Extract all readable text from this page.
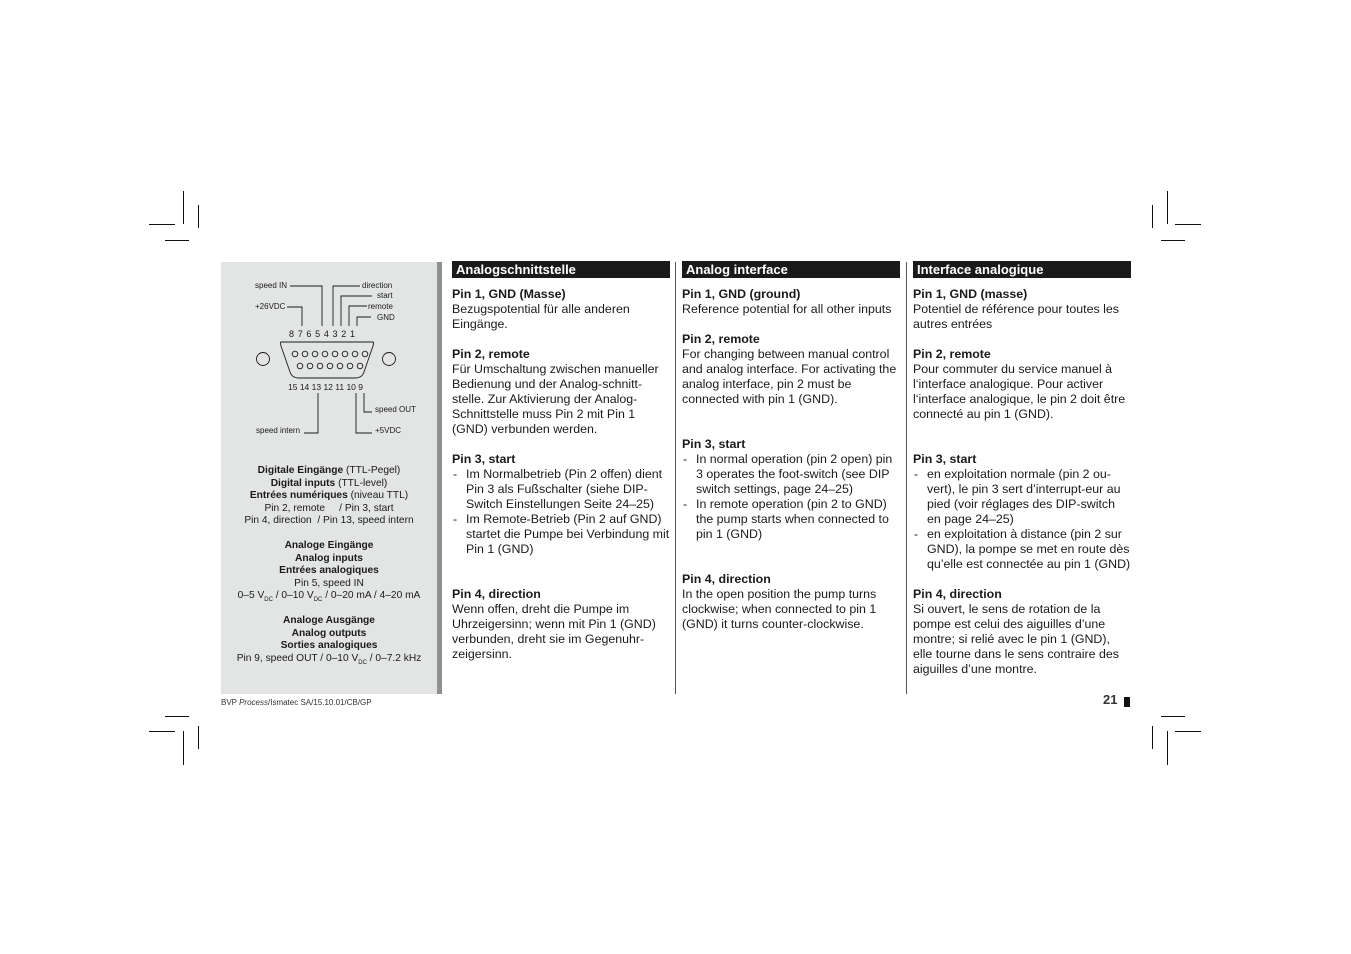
speed IN	direction
start
remote
GND
+26VDC
8 7 6 5 4 3 2 1
15 14 13 12 11 10 9
speed OUT
speed intern	+5VDC
Digitale Eingänge (TTL-Pegel)
Digital inputs (TTL-level)
Entrées numériques (niveau TTL)
Pin 2, remote     / Pin 3, start
Pin 4, direction  / Pin 13, speed intern
Analoge Eingänge
Analog inputs
Entrées analogiques
Pin 5, speed IN
0–5 $V_{DC} / 0-10$ $V_{DC} / 0-20$ mA / 4–20 mA
Analoge Ausgänge
Analog outputs
Sorties analogiques
Pin 9, speed OUT / 0–10 $V_{DC} / 0-7.2$ kHz
Analogschnittstelle
Pin 1, GND (Masse)
Bezugspotential für alle anderen Eingänge.
Pin 2, remote
Für Umschaltung zwischen manueller Bedienung und der Analog-schnitt-stelle. Zur Aktivierung der Analog-Schnittstelle muss Pin 2 mit Pin 1 (GND) verbunden werden.
Pin 3, start
- Im Normalbetrieb (Pin 2 offen) dient Pin 3 als Fußschalter (siehe DIP-Switch Einstellungen Seite 24–25)
- Im Remote-Betrieb (Pin 2 auf GND) startet die Pumpe bei Verbindung mit Pin 1 (GND)
Pin 4, direction
Wenn offen, dreht die Pumpe im Uhrzeigersinn; wenn mit Pin 1 (GND) verbunden, dreht sie im Gegenuhr-zeigersinn.
Analog interface
Pin 1, GND (ground)
Reference potential for all other inputs
Pin 2, remote
For changing between manual control and analog interface. For activating the analog interface, pin 2 must be connected with pin 1 (GND).
Pin 3, start
- In normal operation (pin 2 open) pin 3 operates the foot-switch (see DIP switch settings, page 24–25)
- In remote operation (pin 2 to GND) the pump starts when connected to pin 1 (GND)
Pin 4, direction
In the open position the pump turns clockwise; when connected to pin 1 (GND) it turns counter-clockwise.
Interface analogique
Pin 1, GND (masse)
Potentiel de référence pour toutes les autres entrées
Pin 2, remote
Pour commuter du service manuel à l‘interface analogique. Pour activer l‘interface analogique, le pin 2 doit être connecté au pin 1 (GND).
Pin 3, start
- en exploitation normale (pin 2 ou-vert), le pin 3 sert d’interrupt-eur au pied (voir réglages des DIP-switch en page 24–25)
- en exploitation à distance (pin 2 sur GND), la pompe se met en route dès qu’elle est connectée au pin 1 (GND)
Pin 4, direction
Si ouvert, le sens de rotation de la pompe est celui des aiguilles d’une montre; si relié avec le pin 1 (GND), elle tourne dans le sens contraire des aiguilles d’une montre.
BVP Process/Ismatec SA/15.10.01/CB/GP	21
